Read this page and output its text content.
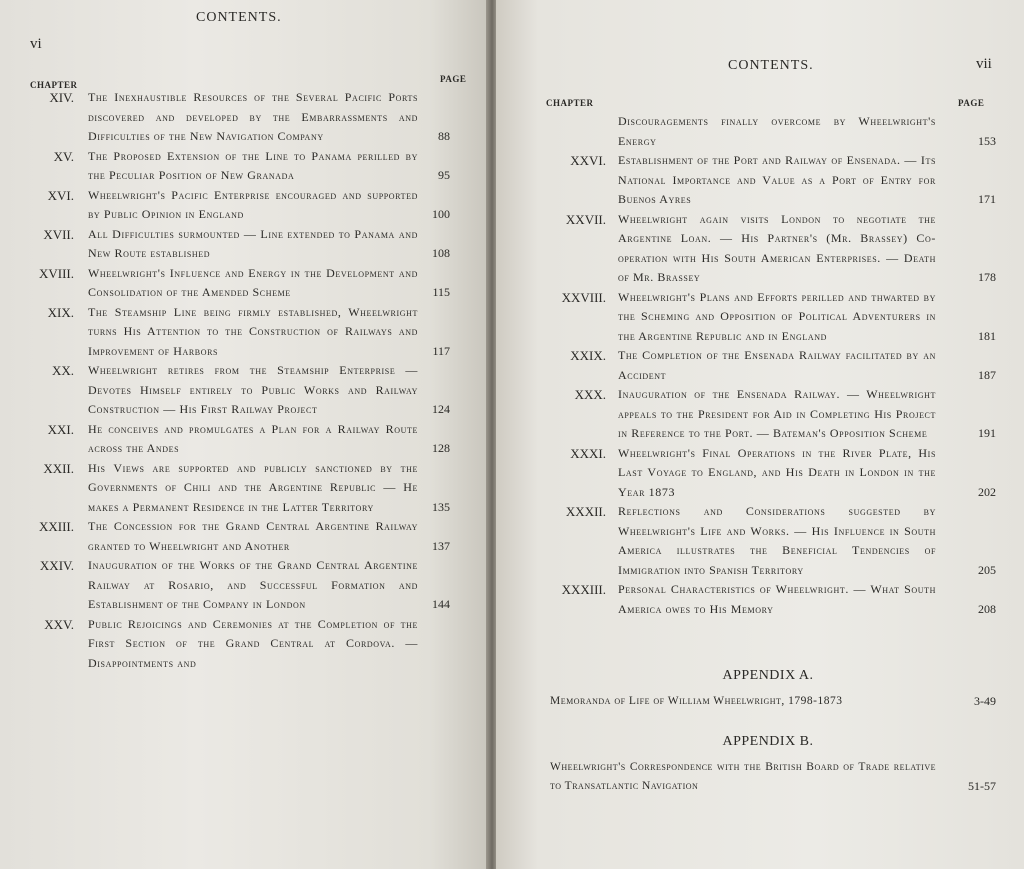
CONTENTS.
vi
CHAPTER
PAGE
XIV. The Inexhaustible Resources of the Several Pacific Ports discovered and developed by the Embarrassments and Difficulties of the New Navigation Company	88
XV. The Proposed Extension of the Line to Panama perilled by the Peculiar Position of New Granada	95
XVI. Wheelwright's Pacific Enterprise encouraged and supported by Public Opinion in England	100
XVII. All Difficulties surmounted — Line extended to Panama and New Route established	108
XVIII. Wheelwright's Influence and Energy in the Development and Consolidation of the Amended Scheme	115
XIX. The Steamship Line being firmly established, Wheelwright turns His Attention to the Construction of Railways and Improvement of Harbors	117
XX. Wheelwright retires from the Steamship Enterprise — Devotes Himself entirely to Public Works and Railway Construction — His First Railway Project	124
XXI. He conceives and promulgates a Plan for a Railway Route across the Andes	128
XXII. His Views are supported and publicly sanctioned by the Governments of Chili and the Argentine Republic — He makes a Permanent Residence in the Latter Territory	135
XXIII. The Concession for the Grand Central Argentine Railway granted to Wheelwright and Another	137
XXIV. Inauguration of the Works of the Grand Central Argentine Railway at Rosario, and Successful Formation and Establishment of the Company in London	144
XXV. Public Rejoicings and Ceremonies at the Completion of the First Section of the Grand Central at Cordova. — Disappointments and
CONTENTS.	vii
CHAPTER	PAGE
Discouragements finally overcome by Wheelwright's Energy	153
XXVI. Establishment of the Port and Railway of Ensenada. — Its National Importance and Value as a Port of Entry for Buenos Ayres	171
XXVII. Wheelwright again visits London to negotiate the Argentine Loan. — His Partner's (Mr. Brassey) Co-operation with His South American Enterprises. — Death of Mr. Brassey	178
XXVIII. Wheelwright's Plans and Efforts perilled and thwarted by the Scheming and Opposition of Political Adventurers in the Argentine Republic and in England	181
XXIX. The Completion of the Ensenada Railway facilitated by an Accident	187
XXX. Inauguration of the Ensenada Railway. — Wheelwright appeals to the President for Aid in Completing His Project in Reference to the Port. — Bateman's Opposition Scheme	191
XXXI. Wheelwright's Final Operations in the River Plate, His Last Voyage to England, and His Death in London in the Year 1873	202
XXXII. Reflections and Considerations suggested by Wheelwright's Life and Works. — His Influence in South America illustrates the Beneficial Tendencies of Immigration into Spanish Territory	205
XXXIII. Personal Characteristics of Wheelwright. — What South America owes to His Memory	208
APPENDIX A.
Memoranda of Life of William Wheelwright, 1798-1873	3-49
APPENDIX B.
Wheelwright's Correspondence with the British Board of Trade relative to Transatlantic Navigation	51-57
